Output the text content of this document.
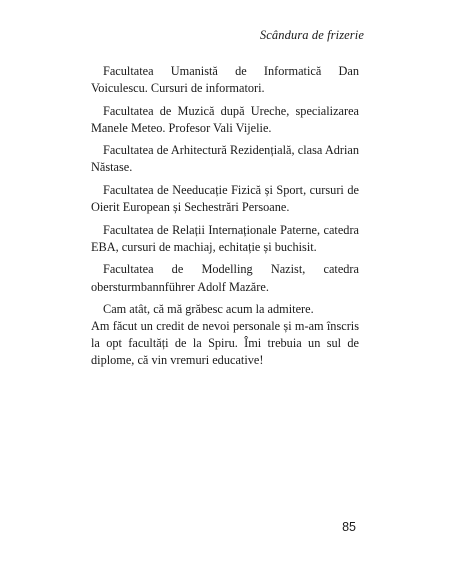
Scândura de frizerie

Facultatea Umanistă de Informatică Dan Voiculescu. Cursuri de informatori.

Facultatea de Muzică după Ureche, specializarea Manele Meteo. Profesor Vali Vijelie.

Facultatea de Arhitectură Rezidențială, clasa Adrian Năstase.

Facultatea de Needucație Fizică și Sport, cursuri de Oierit European și Sechestrări Persoane.

Facultatea de Relații Internaționale Paterne, catedra EBA, cursuri de machiaj, echitație și buchisit.

Facultatea de Modelling Nazist, catedra obersturmbannführer Adolf Mazăre.

Cam atât, că mă grăbesc acum la admitere.

Am făcut un credit de nevoi personale și m-am înscris la opt facultăți de la Spiru. Îmi trebuia un sul de diplome, că vin vremuri educative!

85
